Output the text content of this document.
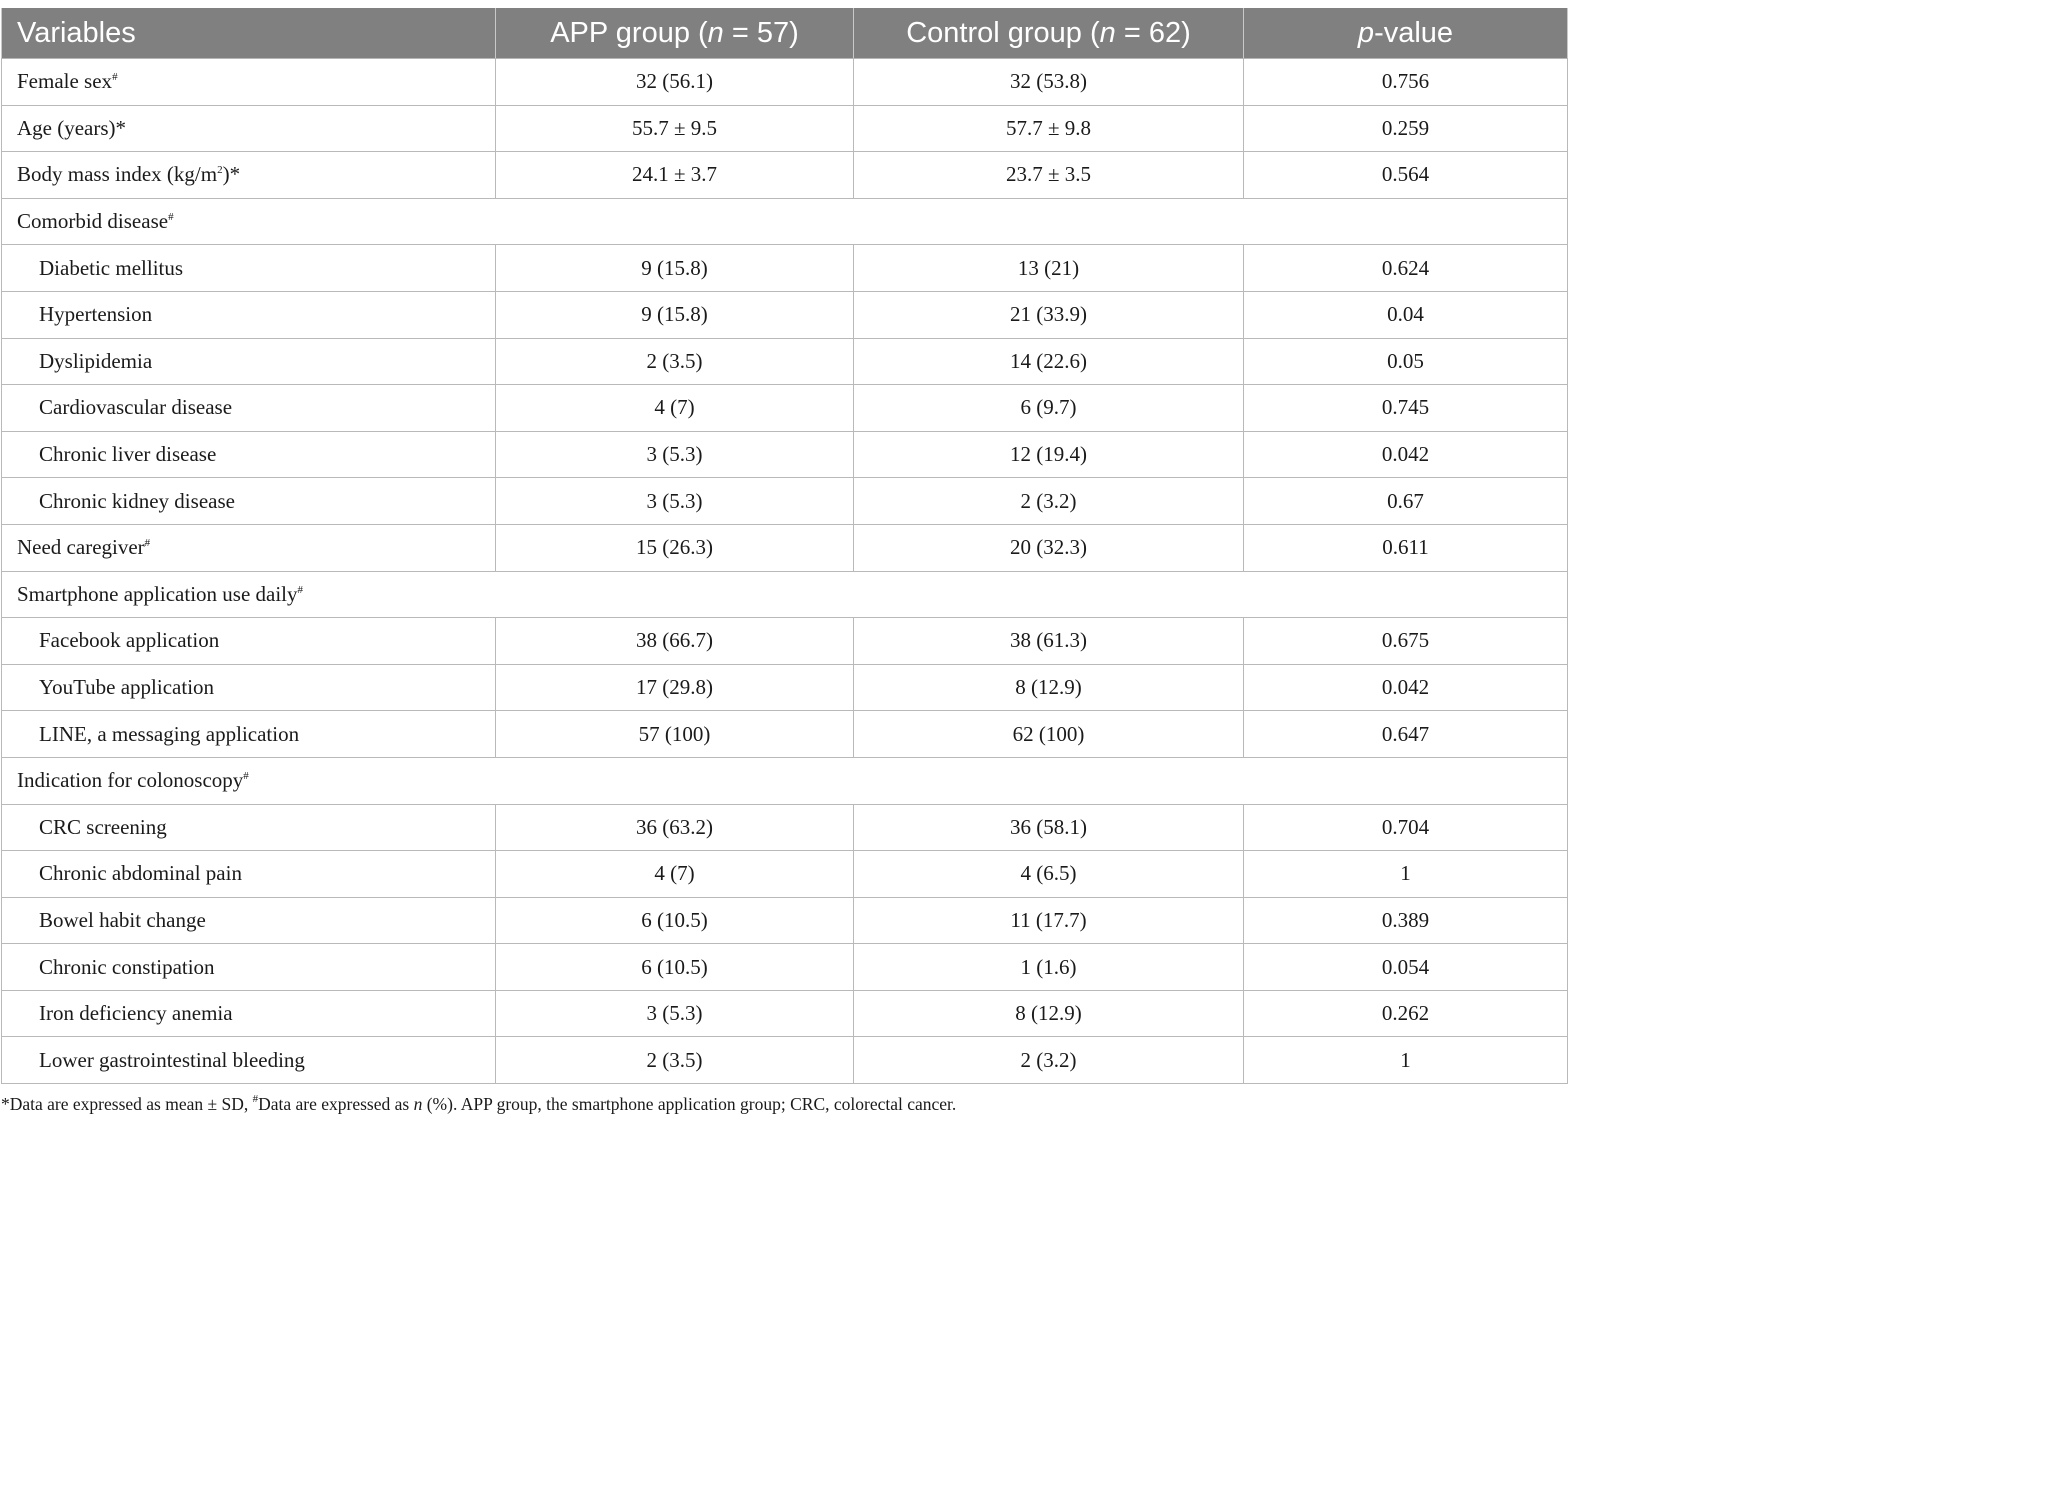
Variables	APP group (n = 57)	Control group (n = 62)	p-value
Female sex#	32 (56.1)	32 (53.8)	0.756
Age (years)*	55.7 ± 9.5	57.7 ± 9.8	0.259
Body mass index $(kg/m^2)*$	24.1 ± 3.7	23.7 ± 3.5	0.564
Comorbid disease#
Diabetic mellitus	9 (15.8)	13 (21)	0.624
Hypertension	9 (15.8)	21 (33.9)	0.04
Dyslipidemia	2 (3.5)	14 (22.6)	0.05
Cardiovascular disease	4 (7)	6 (9.7)	0.745
Chronic liver disease	3 (5.3)	12 (19.4)	0.042
Chronic kidney disease	3 (5.3)	2 (3.2)	0.67
Need caregiver#	15 (26.3)	20 (32.3)	0.611
Smartphone application use daily#
Facebook application	38 (66.7)	38 (61.3)	0.675
YouTube application	17 (29.8)	8 (12.9)	0.042
LINE, a messaging application	57 (100)	62 (100)	0.647
Indication for colonoscopy#
CRC screening	36 (63.2)	36 (58.1)	0.704
Chronic abdominal pain	4 (7)	4 (6.5)	1
Bowel habit change	6 (10.5)	11 (17.7)	0.389
Chronic constipation	6 (10.5)	1 (1.6)	0.054
Iron deficiency anemia	3 (5.3)	8 (12.9)	0.262
Lower gastrointestinal bleeding	2 (3.5)	2 (3.2)	1
*Data are expressed as mean ± SD, #Data are expressed as n (%). APP group, the smartphone application group; CRC, colorectal cancer.
